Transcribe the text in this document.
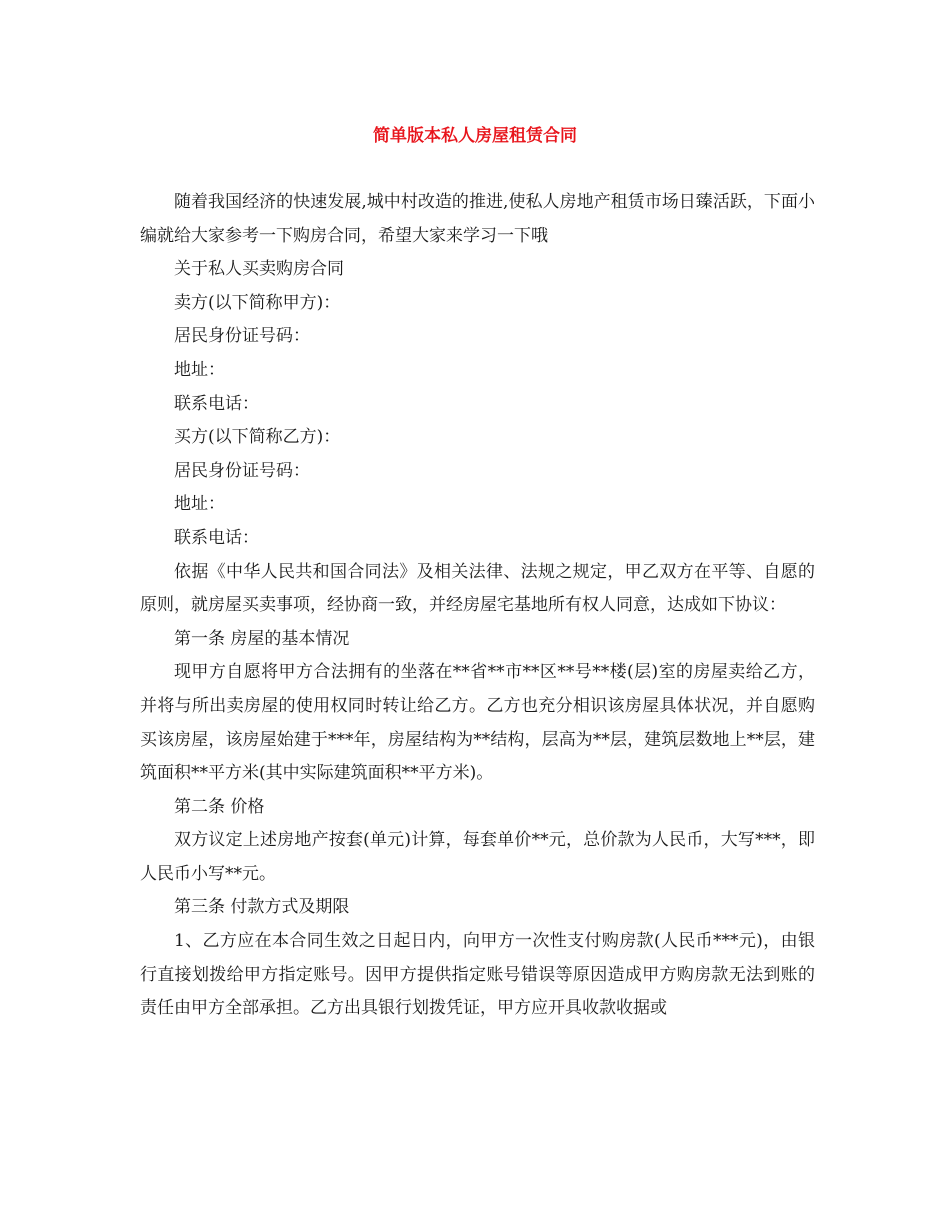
简单版本私人房屋租赁合同

随着我国经济的快速发展,城中村改造的推进,使私人房地产租赁市场日臻活跃，下面小编就给大家参考一下购房合同，希望大家来学习一下哦

关于私人买卖购房合同

卖方(以下简称甲方)：

居民身份证号码：

地址：

联系电话：

买方(以下简称乙方)：

居民身份证号码：

地址：

联系电话：

依据《中华人民共和国合同法》及相关法律、法规之规定，甲乙双方在平等、自愿的原则，就房屋买卖事项，经协商一致，并经房屋宅基地所有权人同意，达成如下协议：

第一条 房屋的基本情况

现甲方自愿将甲方合法拥有的坐落在**省**市**区**号**楼(层)室的房屋卖给乙方，并将与所出卖房屋的使用权同时转让给乙方。乙方也充分相识该房屋具体状况，并自愿购买该房屋，该房屋始建于***年，房屋结构为**结构，层高为**层，建筑层数地上**层，建筑面积**平方米(其中实际建筑面积**平方米)。

第二条 价格

双方议定上述房地产按套(单元)计算，每套单价**元，总价款为人民币，大写***，即人民币小写**元。

第三条 付款方式及期限

1、乙方应在本合同生效之日起日内，向甲方一次性支付购房款(人民币***元)，由银行直接划拨给甲方指定账号。因甲方提供指定账号错误等原因造成甲方购房款无法到账的责任由甲方全部承担。乙方出具银行划拨凭证，甲方应开具收款收据或
